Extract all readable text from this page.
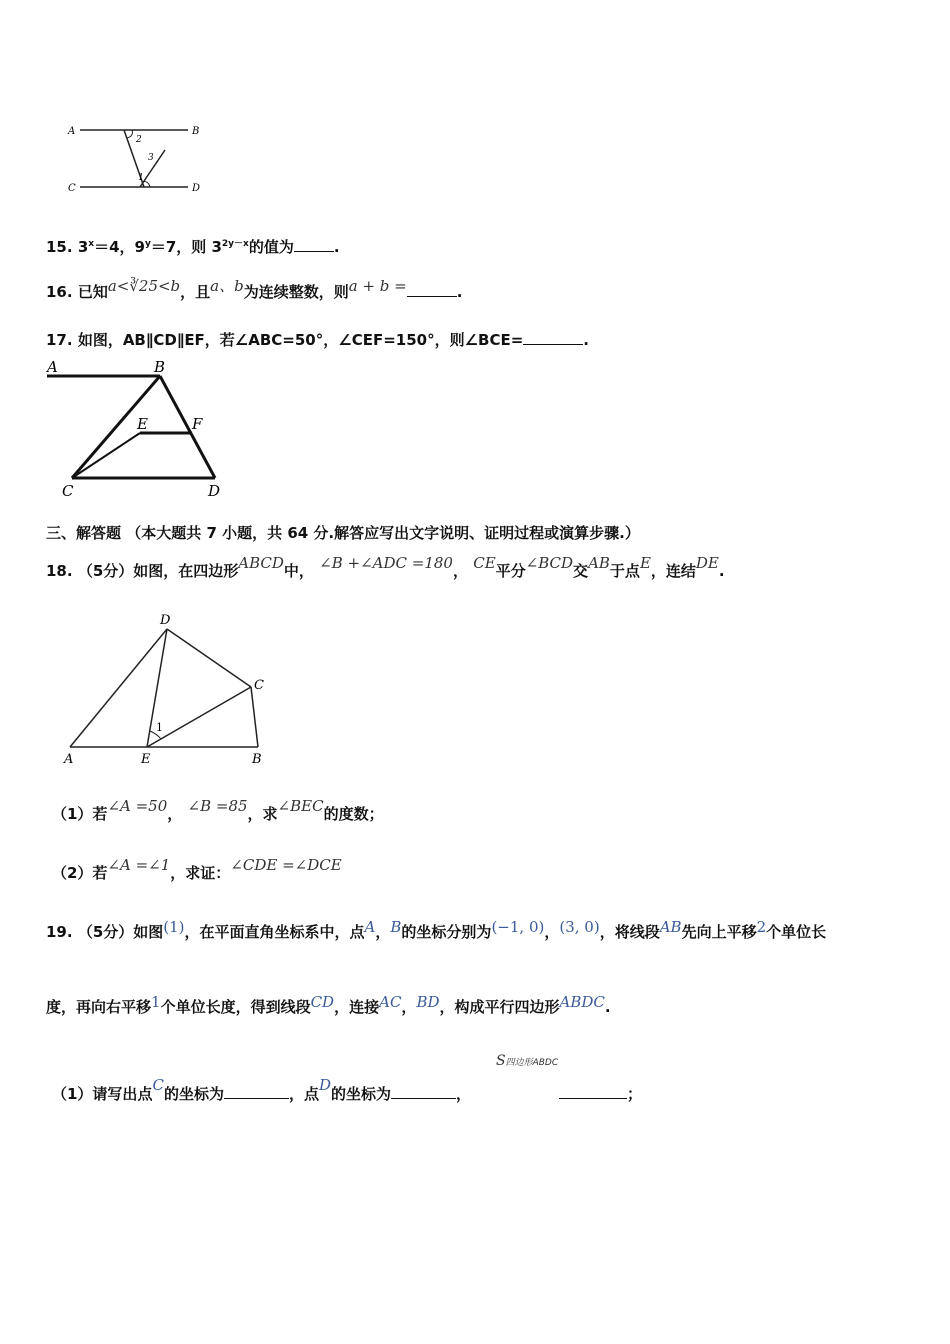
A	B
C	D
2
3
1
15. $3^x=4$，$9^y=7$，则 $3^{2y-x}$的值为	.
16. 已知a<∛25<b，且a、b为连续整数，则a + b =	.
17. 如图，AB∥CD∥EF，若∠ABC=50°，∠CEF=150°，则∠BCE=	.
A	B
E	F
C	D
三、解答题 （本大题共 7 小题，共 64 分.解答应写出文字说明、证明过程或演算步骤.）
18. （5分）如图，在四边形ABCD中， ∠B +∠ADC =180， CE平分∠BCD交AB于点E，连结DE.
D
C
A	E	B
1
（1）若∠A =50， ∠B =85，求∠BEC的度数；
（2）若∠A =∠1，求证：∠CDE =∠DCE
19. （5分）如图(1)，在平面直角坐标系中，点A，B的坐标分别为(−1, 0)，(3, 0)，将线段AB先向上平移2个单位长
度，再向右平移1个单位长度，得到线段CD，连接AC，BD，构成平行四边形ABDC.
S四边形ABDC
（1）请写出点C的坐标为	，点D的坐标为	，	；
